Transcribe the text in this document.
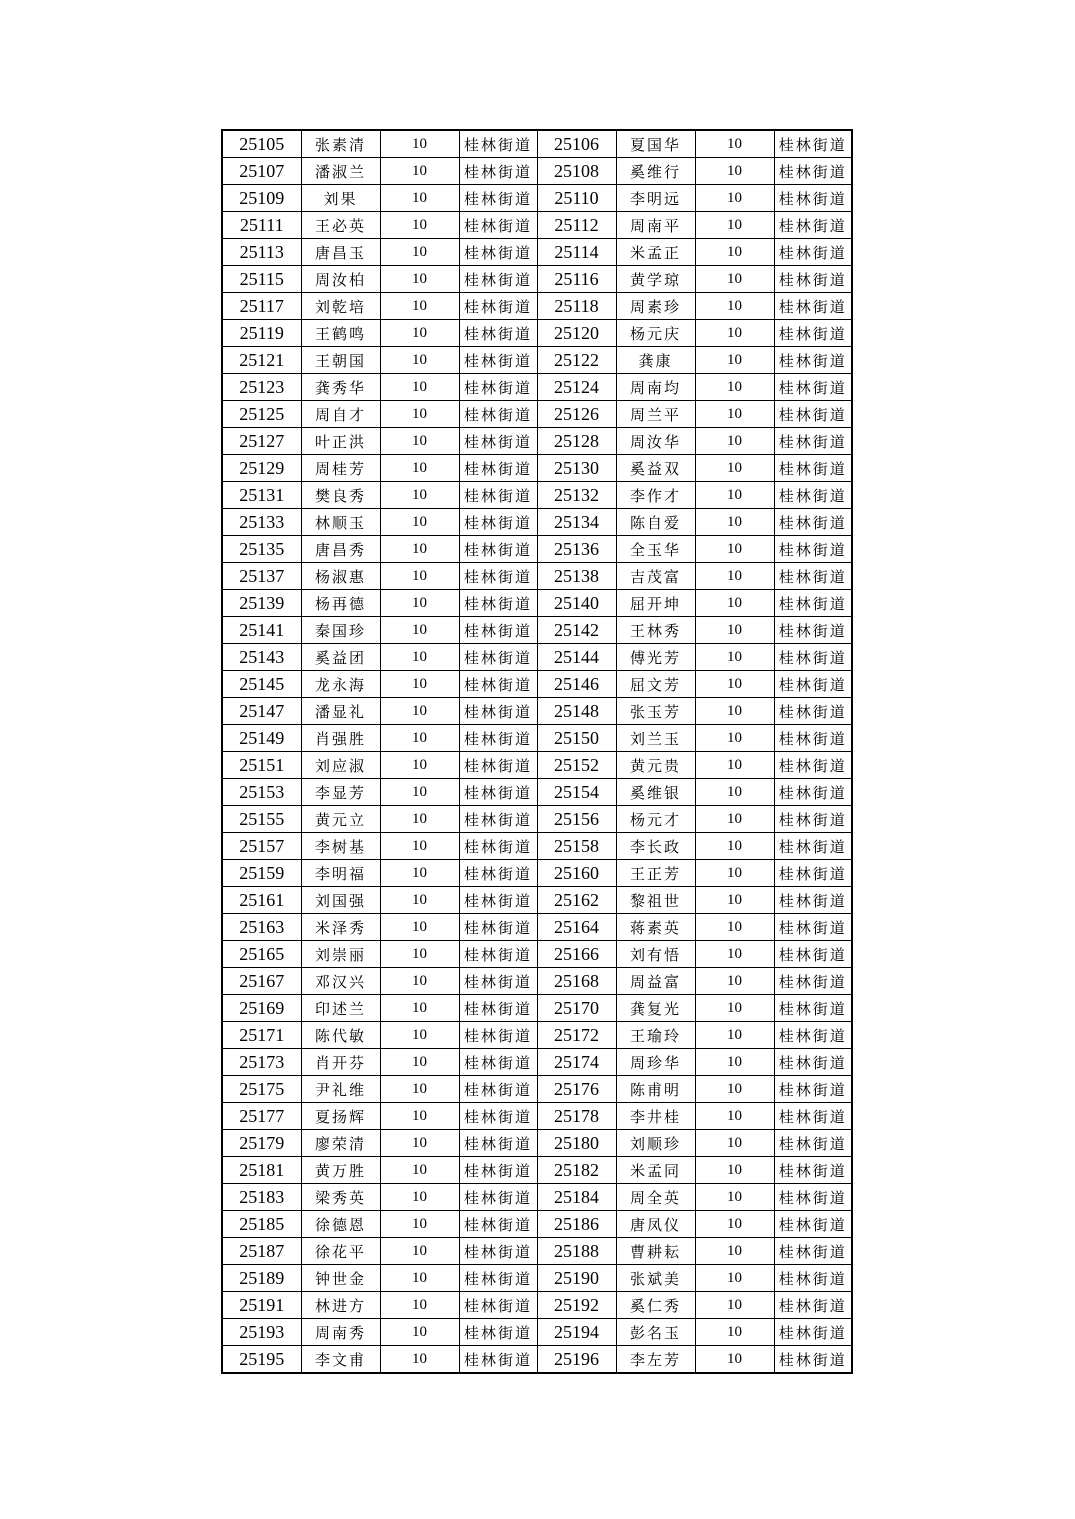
25105	张素清	10	桂林街道	25106	夏国华	10	桂林街道
25107	潘淑兰	10	桂林街道	25108	奚维行	10	桂林街道
25109	刘果	10	桂林街道	25110	李明远	10	桂林街道
25111	王必英	10	桂林街道	25112	周南平	10	桂林街道
25113	唐昌玉	10	桂林街道	25114	米孟正	10	桂林街道
25115	周汝柏	10	桂林街道	25116	黄学琼	10	桂林街道
25117	刘乾培	10	桂林街道	25118	周素珍	10	桂林街道
25119	王鹤鸣	10	桂林街道	25120	杨元庆	10	桂林街道
25121	王朝国	10	桂林街道	25122	龚康	10	桂林街道
25123	龚秀华	10	桂林街道	25124	周南均	10	桂林街道
25125	周自才	10	桂林街道	25126	周兰平	10	桂林街道
25127	叶正洪	10	桂林街道	25128	周汝华	10	桂林街道
25129	周桂芳	10	桂林街道	25130	奚益双	10	桂林街道
25131	樊良秀	10	桂林街道	25132	李作才	10	桂林街道
25133	林顺玉	10	桂林街道	25134	陈自爱	10	桂林街道
25135	唐昌秀	10	桂林街道	25136	全玉华	10	桂林街道
25137	杨淑惠	10	桂林街道	25138	吉茂富	10	桂林街道
25139	杨再德	10	桂林街道	25140	屈开坤	10	桂林街道
25141	秦国珍	10	桂林街道	25142	王林秀	10	桂林街道
25143	奚益团	10	桂林街道	25144	傅光芳	10	桂林街道
25145	龙永海	10	桂林街道	25146	屈文芳	10	桂林街道
25147	潘显礼	10	桂林街道	25148	张玉芳	10	桂林街道
25149	肖强胜	10	桂林街道	25150	刘兰玉	10	桂林街道
25151	刘应淑	10	桂林街道	25152	黄元贵	10	桂林街道
25153	李显芳	10	桂林街道	25154	奚维银	10	桂林街道
25155	黄元立	10	桂林街道	25156	杨元才	10	桂林街道
25157	李树基	10	桂林街道	25158	李长政	10	桂林街道
25159	李明福	10	桂林街道	25160	王正芳	10	桂林街道
25161	刘国强	10	桂林街道	25162	黎祖世	10	桂林街道
25163	米泽秀	10	桂林街道	25164	蒋素英	10	桂林街道
25165	刘崇丽	10	桂林街道	25166	刘有悟	10	桂林街道
25167	邓汉兴	10	桂林街道	25168	周益富	10	桂林街道
25169	印述兰	10	桂林街道	25170	龚复光	10	桂林街道
25171	陈代敏	10	桂林街道	25172	王瑜玲	10	桂林街道
25173	肖开芬	10	桂林街道	25174	周珍华	10	桂林街道
25175	尹礼维	10	桂林街道	25176	陈甫明	10	桂林街道
25177	夏扬辉	10	桂林街道	25178	李井桂	10	桂林街道
25179	廖荣清	10	桂林街道	25180	刘顺珍	10	桂林街道
25181	黄万胜	10	桂林街道	25182	米孟同	10	桂林街道
25183	梁秀英	10	桂林街道	25184	周全英	10	桂林街道
25185	徐德恩	10	桂林街道	25186	唐凤仪	10	桂林街道
25187	徐花平	10	桂林街道	25188	曹耕耘	10	桂林街道
25189	钟世金	10	桂林街道	25190	张斌美	10	桂林街道
25191	林进方	10	桂林街道	25192	奚仁秀	10	桂林街道
25193	周南秀	10	桂林街道	25194	彭名玉	10	桂林街道
25195	李文甫	10	桂林街道	25196	李左芳	10	桂林街道
